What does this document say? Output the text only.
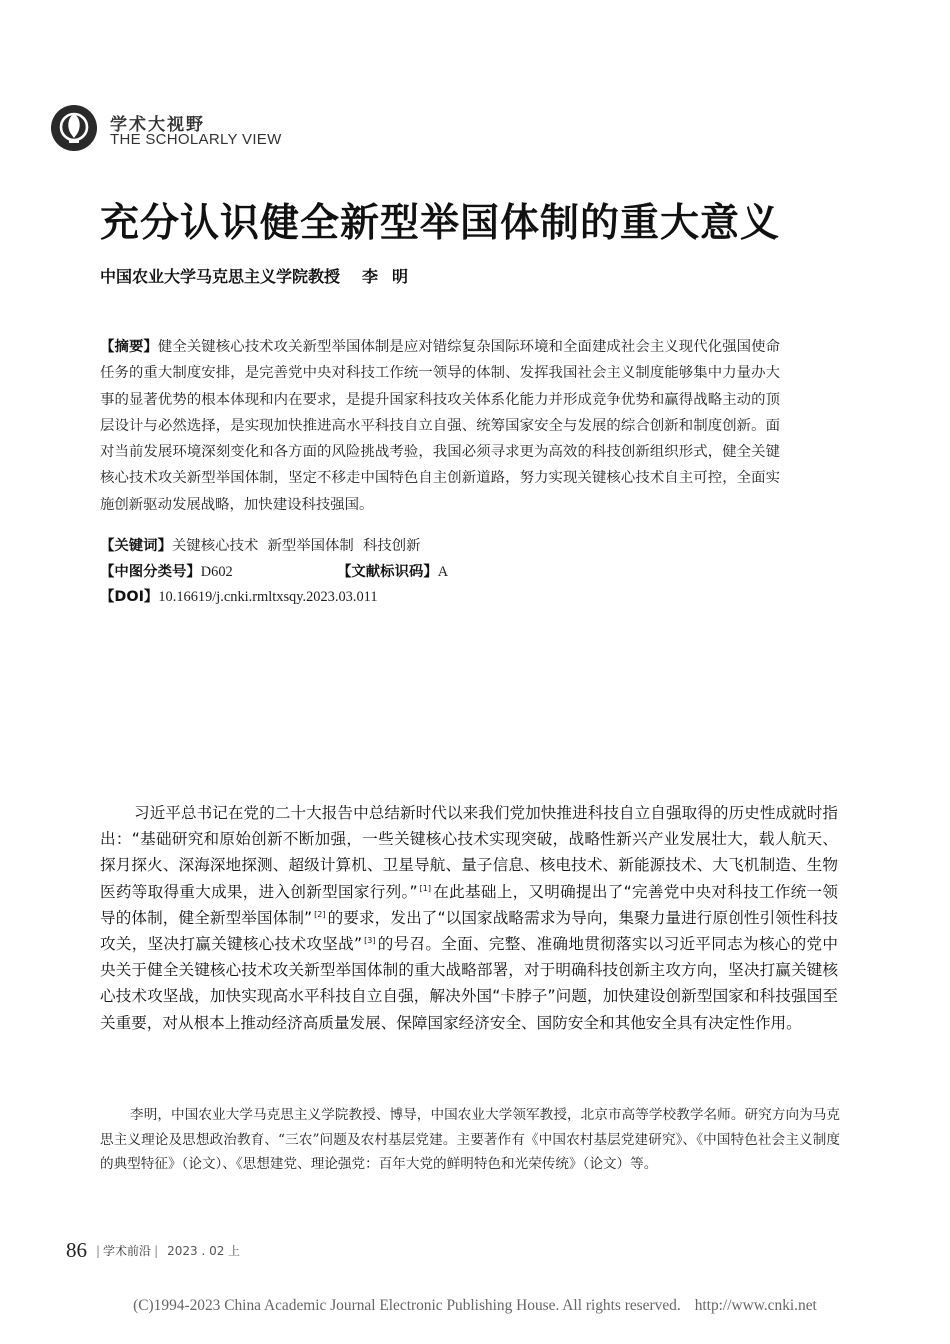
学术大视野
THE SCHOLARLY VIEW
充分认识健全新型举国体制的重大意义
中国农业大学马克思主义学院教授 李明
【摘要】健全关键核心技术攻关新型举国体制是应对错综复杂国际环境和全面建成社会主义现代化强国使命任务的重大制度安排，是完善党中央对科技工作统一领导的体制、发挥我国社会主义制度能够集中力量办大事的显著优势的根本体现和内在要求，是提升国家科技攻关体系化能力并形成竞争优势和赢得战略主动的顶层设计与必然选择，是实现加快推进高水平科技自立自强、统筹国家安全与发展的综合创新和制度创新。面对当前发展环境深刻变化和各方面的风险挑战考验，我国必须寻求更为高效的科技创新组织形式，健全关键核心技术攻关新型举国体制，坚定不移走中国特色自主创新道路，努力实现关键核心技术自主可控，全面实施创新驱动发展战略，加快建设科技强国。
【关键词】关键核心技术  新型举国体制  科技创新
【中图分类号】D602	【文献标识码】A
【DOI】10.16619/j.cnki.rmltxsqy.2023.03.011
习近平总书记在党的二十大报告中总结新时代以来我们党加快推进科技自立自强取得的历史性成就时指出：“基础研究和原始创新不断加强，一些关键核心技术实现突破，战略性新兴产业发展壮大，载人航天、探月探火、深海深地探测、超级计算机、卫星导航、量子信息、核电技术、新能源技术、大飞机制造、生物医药等取得重大成果，进入创新型国家行列。” [1] 在此基础上，又明确提出了“完善党中央对科技工作统一领导的体制，健全新型举国体制” [2] 的要求，发出了“以国家战略需求为导向，集聚力量进行原创性引领性科技攻关，坚决打赢关键核心技术攻坚战” [3] 的号召。全面、完整、准确地贯彻落实以习近平同志为核心的党中央关于健全关键核心技术攻关新型举国体制的重大战略部署，对于明确科技创新主攻方向，坚决打赢关键核心技术攻坚战，加快实现高水平科技自立自强，解决外国“卡脖子”问题，加快建设创新型国家和科技强国至关重要，对从根本上推动经济高质量发展、保障国家经济安全、国防安全和其他安全具有决定性作用。
李明，中国农业大学马克思主义学院教授、博导，中国农业大学领军教授，北京市高等学校教学名师。研究方向为马克思主义理论及思想政治教育、“三农”问题及农村基层党建。主要著作有《中国农村基层党建研究》、《中国特色社会主义制度的典型特征》（论文）、《思想建党、理论强党：百年大党的鲜明特色和光荣传统》（论文）等。
86 | 学术前沿 | 2023 . 02 上
(C)1994-2023 China Academic Journal Electronic Publishing House. All rights reserved. http://www.cnki.net
